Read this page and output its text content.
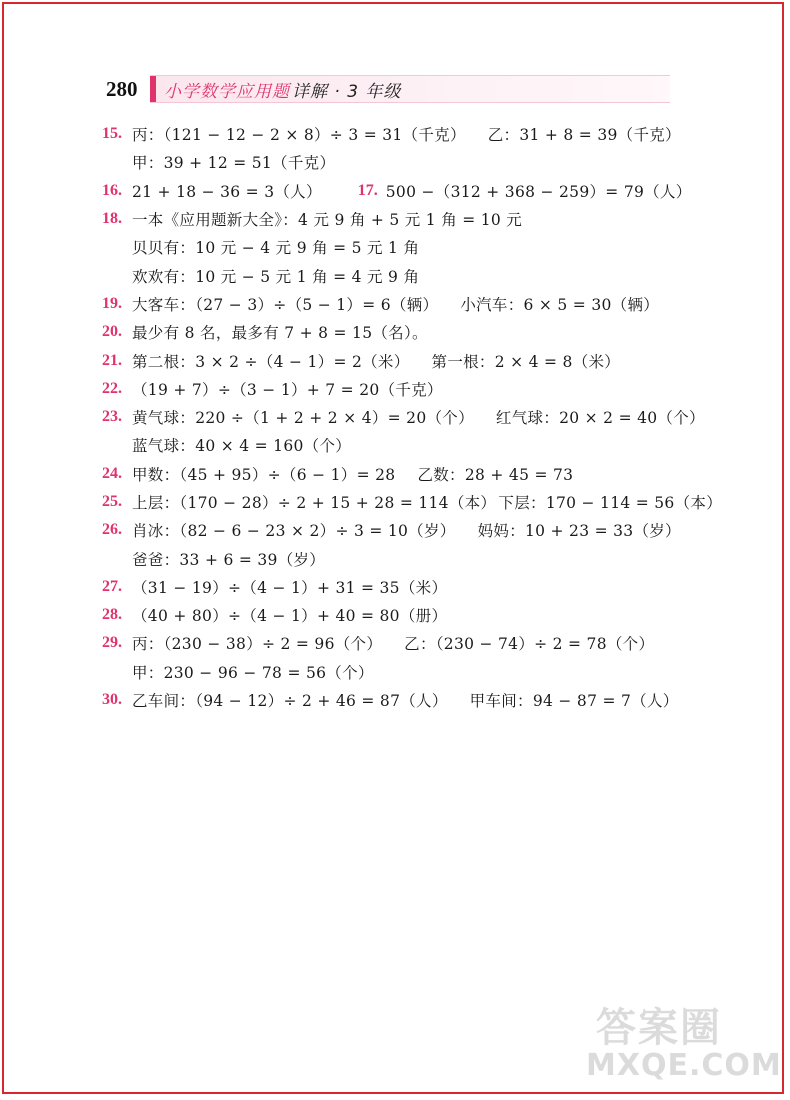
280	小学数学应用题 详解 · 3 年级
15. 丙：（121 − 12 − 2 × 8）÷ 3 = 31（千克） 乙：31 + 8 = 39（千克）
甲：39 + 12 = 51（千克）
16. 21 + 18 − 36 = 3（人） 17. 500 −（312 + 368 − 259）= 79（人）
18. 一本《应用题新大全》：4 元 9 角 + 5 元 1 角 = 10 元
贝贝有：10 元 − 4 元 9 角 = 5 元 1 角
欢欢有：10 元 − 5 元 1 角 = 4 元 9 角
19. 大客车：（27 − 3）÷（5 − 1）= 6（辆） 小汽车：6 × 5 = 30（辆）
20. 最少有 8 名，最多有 7 + 8 = 15（名）。
21. 第二根：3 × 2 ÷（4 − 1）= 2（米） 第一根：2 × 4 = 8（米）
22. （19 + 7）÷（3 − 1）+ 7 = 20（千克）
23. 黄气球：220 ÷（1 + 2 + 2 × 4）= 20（个） 红气球：20 × 2 = 40（个）
蓝气球：40 × 4 = 160（个）
24. 甲数：（45 + 95）÷（6 − 1）= 28 乙数：28 + 45 = 73
25. 上层：（170 − 28）÷ 2 + 15 + 28 = 114（本） 下层：170 − 114 = 56（本）
26. 肖冰：（82 − 6 − 23 × 2）÷ 3 = 10（岁） 妈妈：10 + 23 = 33（岁）
爸爸：33 + 6 = 39（岁）
27. （31 − 19）÷（4 − 1）+ 31 = 35（米）
28. （40 + 80）÷（4 − 1）+ 40 = 80（册）
29. 丙：（230 − 38）÷ 2 = 96（个） 乙：（230 − 74）÷ 2 = 78（个）
甲：230 − 96 − 78 = 56（个）
30. 乙车间：（94 − 12）÷ 2 + 46 = 87（人） 甲车间：94 − 87 = 7（人）
答案圈
MXQE.COM
